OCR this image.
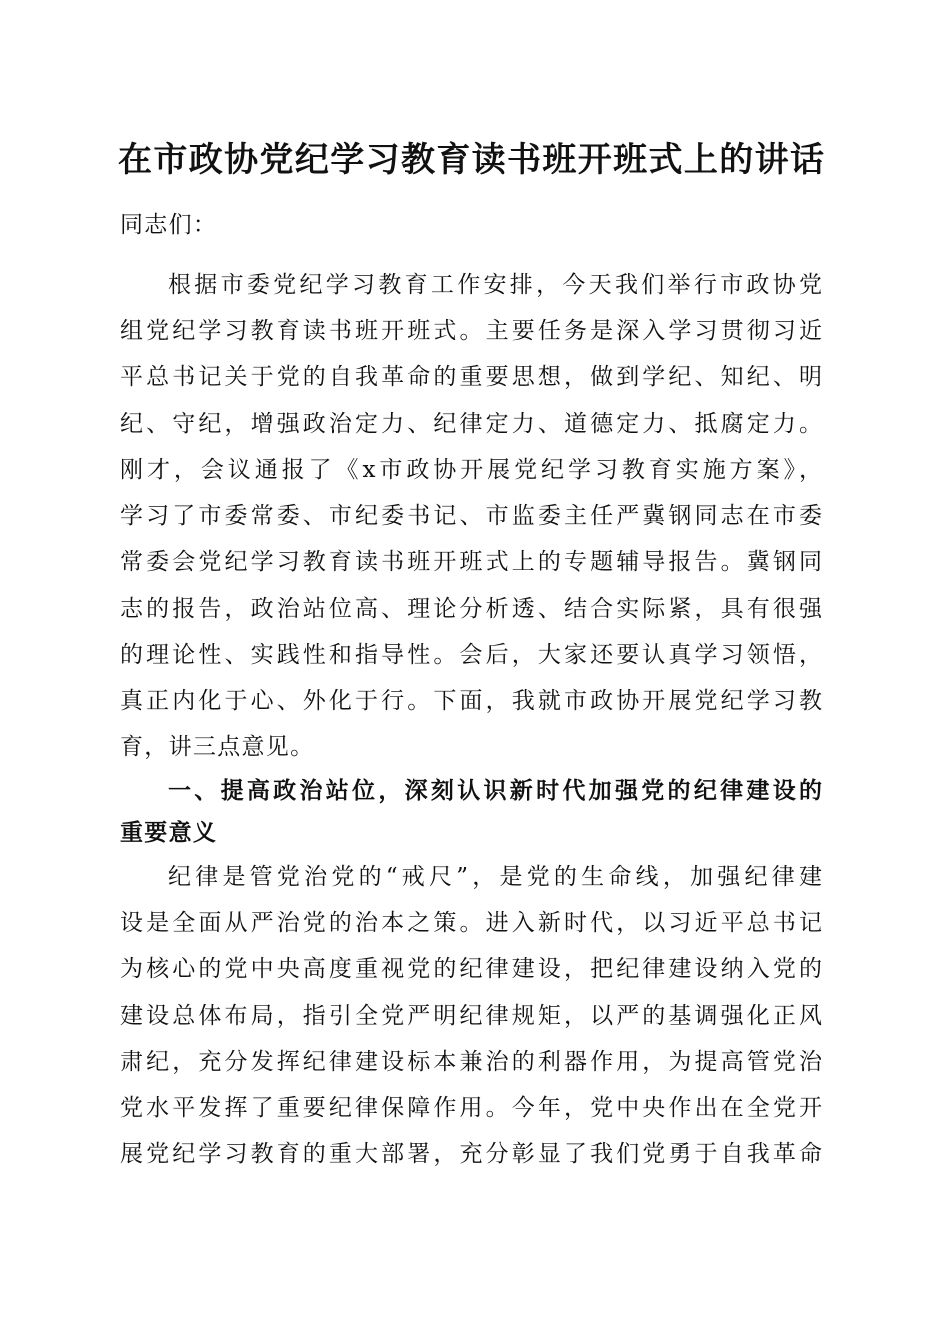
在市政协党纪学习教育读书班开班式上的讲话
同志们：
根据市委党纪学习教育工作安排，今天我们举行市政协党
组党纪学习教育读书班开班式。主要任务是深入学习贯彻习近
平总书记关于党的自我革命的重要思想，做到学纪、知纪、明
纪、守纪，增强政治定力、纪律定力、道德定力、抵腐定力。
刚才，会议通报了《x市政协开展党纪学习教育实施方案》，
学习了市委常委、市纪委书记、市监委主任严冀钢同志在市委
常委会党纪学习教育读书班开班式上的专题辅导报告。冀钢同
志的报告，政治站位高、理论分析透、结合实际紧，具有很强
的理论性、实践性和指导性。会后，大家还要认真学习领悟，
真正内化于心、外化于行。下面，我就市政协开展党纪学习教
育，讲三点意见。
一、提高政治站位，深刻认识新时代加强党的纪律建设的
重要意义
纪律是管党治党的“戒尺”，是党的生命线，加强纪律建
设是全面从严治党的治本之策。进入新时代，以习近平总书记
为核心的党中央高度重视党的纪律建设，把纪律建设纳入党的
建设总体布局，指引全党严明纪律规矩，以严的基调强化正风
肃纪，充分发挥纪律建设标本兼治的利器作用，为提高管党治
党水平发挥了重要纪律保障作用。今年，党中央作出在全党开
展党纪学习教育的重大部署，充分彰显了我们党勇于自我革命
